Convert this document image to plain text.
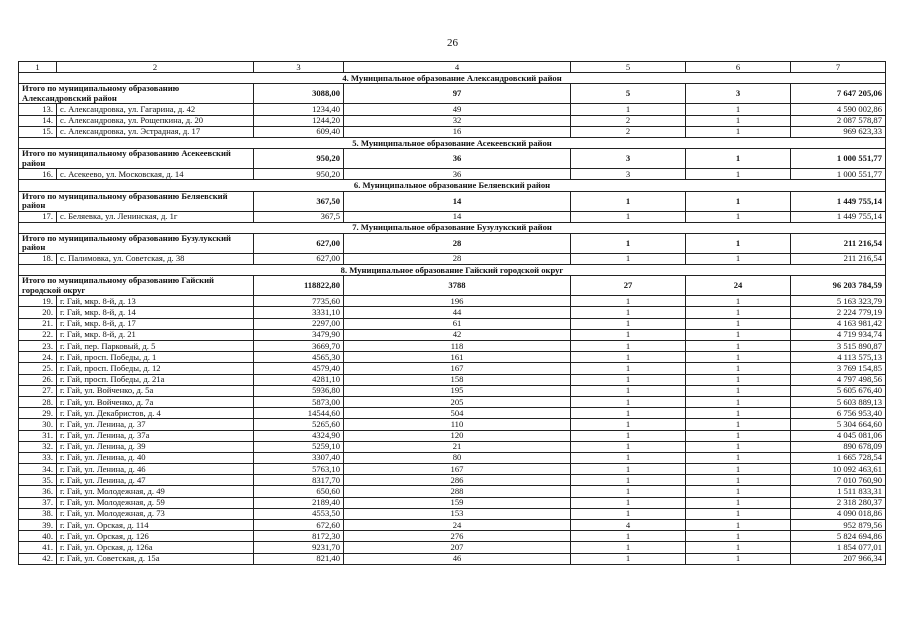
26
1	2	3	4	5	6	7
4. Муниципальное образование Александровский район						
Итого по муниципальному образованию Александровский район		3088,00	97	5	3	7 647 205,06
13.	с. Александровка, ул. Гагарина, д. 42	1234,40	49	1	1	4 590 002,86
14.	с. Александровка, ул. Рощепкина, д. 20	1244,20	32	2	1	2 087 578,87
15.	с. Александровка, ул. Эстрадная, д. 17	609,40	16	2	1	969 623,33
5. Муниципальное образование Асекеевский район						
Итого по муниципальному образованию Асекеевский район		950,20	36	3	1	1 000 551,77
16.	с. Асекеево, ул. Московская, д. 14	950,20	36	3	1	1 000 551,77
6. Муниципальное образование Беляевский район						
Итого по муниципальному образованию Беляевский район		367,50	14	1	1	1 449 755,14
17.	с. Беляевка, ул. Ленинская, д. 1г	367,5	14	1	1	1 449 755,14
7. Муниципальное образование Бузулукский район						
Итого по муниципальному образованию Бузулукский район		627,00	28	1	1	211 216,54
18.	с. Палимовка, ул. Советская, д. 38	627,00	28	1	1	211 216,54
8. Муниципальное образование Гайский городской округ						
Итого по муниципальному образованию Гайский городской округ		118822,80	3788	27	24	96 203 784,59
19.	г. Гай, мкр. 8-й, д. 13	7735,60	196	1	1	5 163 323,79
20.	г. Гай, мкр. 8-й, д. 14	3331,10	44	1	1	2 224 779,19
21.	г. Гай, мкр. 8-й, д. 17	2297,00	61	1	1	4 163 981,42
22.	г. Гай, мкр. 8-й, д. 21	3479,90	42	1	1	4 719 934,74
23.	г. Гай, пер. Парковый, д. 5	3669,70	118	1	1	3 515 890,87
24.	г. Гай, просп. Победы, д. 1	4565,30	161	1	1	4 113 575,13
25.	г. Гай, просп. Победы, д. 12	4579,40	167	1	1	3 769 154,85
26.	г. Гай, просп. Победы, д. 21а	4281,10	158	1	1	4 797 498,56
27.	г. Гай, ул. Войченко, д. 5а	5936,80	195	1	1	5 605 676,40
28.	г. Гай, ул. Войченко, д. 7а	5873,00	205	1	1	5 603 889,13
29.	г. Гай, ул. Декабристов, д. 4	14544,60	504	1	1	6 756 953,40
30.	г. Гай, ул. Ленина, д. 37	5265,60	110	1	1	5 304 664,60
31.	г. Гай, ул. Ленина, д. 37а	4324,90	120	1	1	4 045 081,06
32.	г. Гай, ул. Ленина, д. 39	5259,10	21	1	1	890 678,09
33.	г. Гай, ул. Ленина, д. 40	3307,40	80	1	1	1 665 728,54
34.	г. Гай, ул. Ленина, д. 46	5763,10	167	1	1	10 092 463,61
35.	г. Гай, ул. Ленина, д. 47	8317,70	286	1	1	7 010 760,90
36.	г. Гай, ул. Молодежная, д. 49	650,60	288	1	1	1 511 833,31
37.	г. Гай, ул. Молодежная, д. 59	2189,40	159	1	1	2 318 280,37
38.	г. Гай, ул. Молодежная, д. 73	4553,50	153	1	1	4 090 018,86
39.	г. Гай, ул. Орская, д. 114	672,60	24	4	1	952 879,56
40.	г. Гай, ул. Орская, д. 126	8172,30	276	1	1	5 824 694,86
41.	г. Гай, ул. Орская, д. 126а	9231,70	207	1	1	1 854 077,01
42.	г. Гай, ул. Советская, д. 15а	821,40	46	1	1	207 966,34
